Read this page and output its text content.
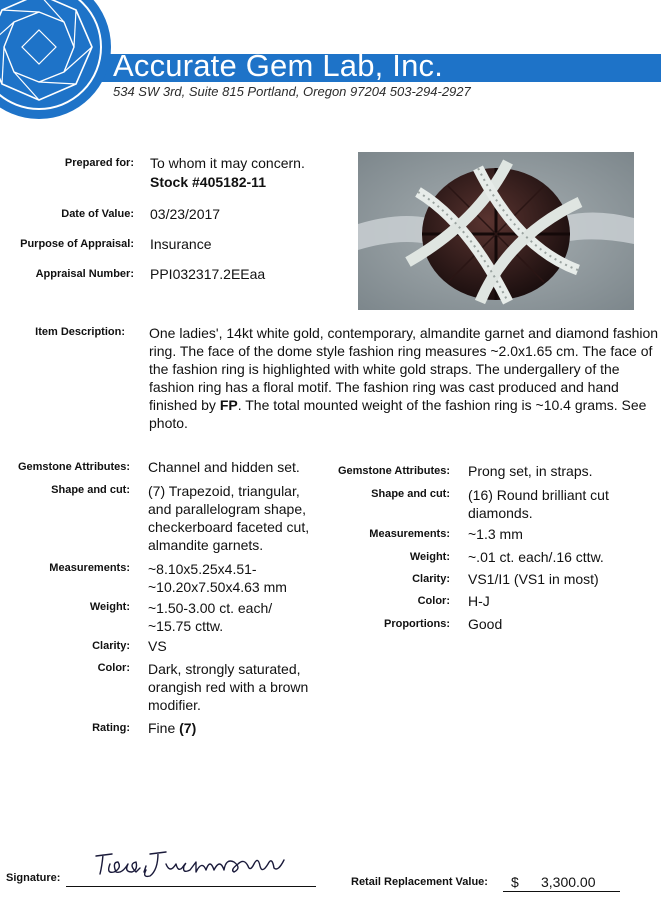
Accurate Gem Lab, Inc.
534 SW 3rd, Suite 815 Portland, Oregon 97204 503-294-2927
Prepared for: To whom it may concern.
Stock #405182-11
Date of Value: 03/23/2017
Purpose of Appraisal: Insurance
Appraisal Number: PPI032317.2EEaa
Item Description: One ladies', 14kt white gold, contemporary, almandite garnet and diamond fashion ring. The face of the dome style fashion ring measures ~2.0x1.65 cm. The face of the fashion ring is highlighted with white gold straps. The undergallery of the fashion ring has a floral motif. The fashion ring was cast produced and hand finished by FP. The total mounted weight of the fashion ring is ~10.4 grams. See photo.
Gemstone Attributes: Channel and hidden set.
Shape and cut: (7) Trapezoid, triangular,
and parallelogram shape,
checkerboard faceted cut,
almandite garnets.
Measurements: ~8.10x5.25x4.51-
~10.20x7.50x4.63 mm
Weight: ~1.50-3.00 ct. each/
~15.75 cttw.
Clarity: VS
Color: Dark, strongly saturated,
orangish red with a brown
modifier.
Rating: Fine (7)
Gemstone Attributes: Prong set, in straps.
Shape and cut: (16) Round brilliant cut
diamonds.
Measurements: ~1.3 mm
Weight: ~.01 ct. each/.16 cttw.
Clarity: VS1/I1 (VS1 in most)
Color: H-J
Proportions: Good
Signature:	Retail Replacement Value: $ 3,300.00
